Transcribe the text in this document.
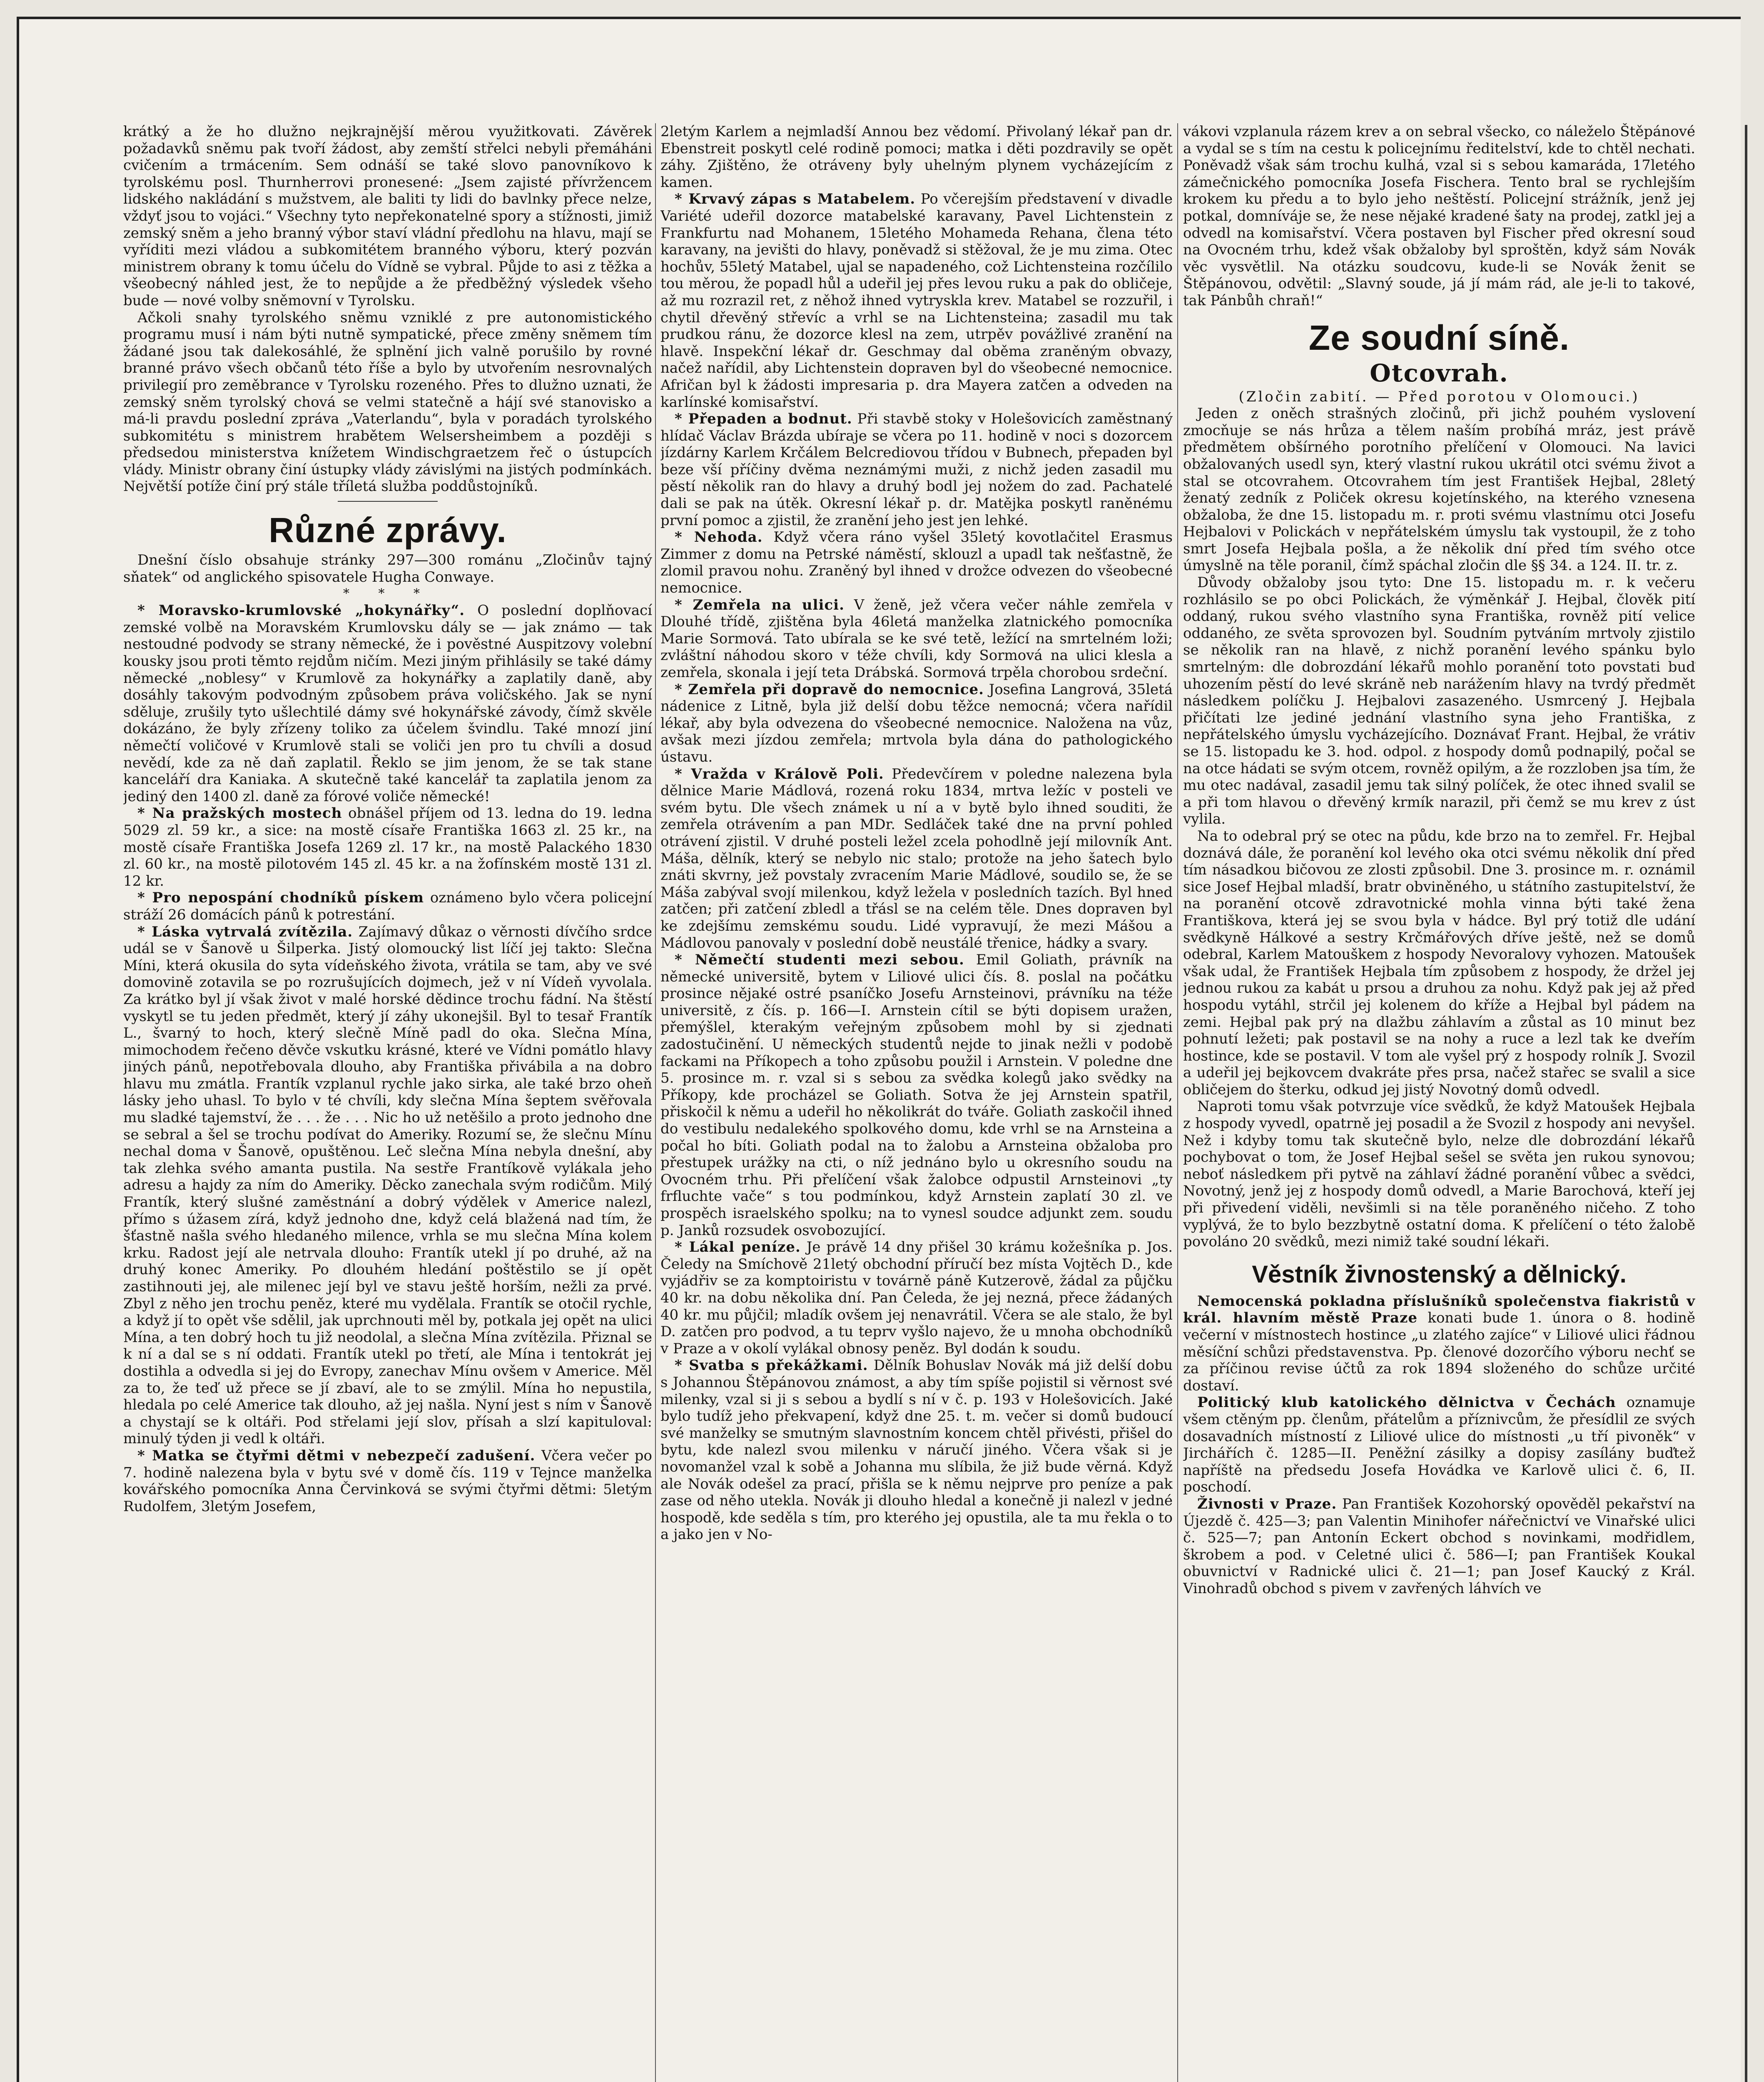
krátký a že ho dlužno nejkrajnější měrou využitkovati. Závěrek požadavků sněmu pak tvoří žádost, aby zemští střelci nebyli přemáháni cvičením a trmácením. Sem odnáší se také slovo panovníkovo k tyrolskému posl. Thurnherrovi pronesené: „Jsem zajisté přívržencem lidského nakládání s mužstvem, ale baliti ty lidi do bavlnky přece nelze, vždyť jsou to vojáci.“ Všechny tyto nepřekonatelné spory a stížnosti, jimiž zemský sněm a jeho branný výbor staví vládní předlohu na hlavu, mají se vyříditi mezi vládou a subkomitétem branného výboru, který pozván ministrem obrany k tomu účelu do Vídně se vybral. Půjde to asi z těžka a všeobecný náhled jest, že to nepůjde a že předběžný výsledek všeho bude — nové volby sněmovní v Tyrolsku.

Ačkoli snahy tyrolského sněmu vzniklé z pre autonomistického programu musí i nám býti nutně sympatické, přece změny sněmem tím žádané jsou tak dalekosáhlé, že splnění jich valně porušilo by rovné branné právo všech občanů této říše a bylo by utvořením nesrovnalých privilegií pro zeměbrance v Tyrolsku rozeného. Přes to dlužno uznati, že zemský sněm tyrolský chová se velmi statečně a hájí své stanovisko a má-li pravdu poslední zpráva „Vaterlandu“, byla v poradách tyrolského subkomitétu s ministrem hrabětem Welsersheimbem a později s předsedou ministerstva knížetem Windischgraetzem řeč o ústupcích vlády. Ministr obrany činí ústupky vlády závislými na jistých podmínkách. Největší potíže činí prý stále tříletá služba poddůstojníků.

Různé zprávy.

Dnešní číslo obsahuje stránky 297—300 románu „Zločinův tajný sňatek“ od anglického spisovatele Hugha Conwaye.

* * *

* Moravsko-krumlovské „hokynářky“. O poslední doplňovací zemské volbě na Moravském Krumlovsku dály se — jak známo — tak nestoudné podvody se strany německé, že i pověstné Auspitzovy volební kousky jsou proti těmto rejdům ničím. Mezi jiným přihlásily se také dámy německé „noblesy“ v Krumlově za hokynářky a zaplatily daně, aby dosáhly takovým podvodným způsobem práva voličského. Jak se nyní sděluje, zrušily tyto ušlechtilé dámy své hokynářské závody, čímž skvěle dokázáno, že byly zřízeny toliko za účelem švindlu. Také mnozí jiní němečtí voličové v Krumlově stali se voliči jen pro tu chvíli a dosud nevědí, kde za ně daň zaplatil. Řeklo se jim jenom, že se tak stane kanceláří dra Kaniaka. A skutečně také kancelář ta zaplatila jenom za jediný den 1400 zl. daně za fórové voliče německé!

* Na pražských mostech obnášel příjem od 13. ledna do 19. ledna 5029 zl. 59 kr., a sice: na mostě císaře Františka 1663 zl. 25 kr., na mostě císaře Františka Josefa 1269 zl. 17 kr., na mostě Palackého 1830 zl. 60 kr., na mostě pilotovém 145 zl. 45 kr. a na žofínském mostě 131 zl. 12 kr.

* Pro nepospání chodníků pískem oznámeno bylo včera policejní stráží 26 domácích pánů k potrestání.

* Láska vytrvalá zvítězila. Zajímavý důkaz o věrnosti dívčího srdce udál se v Šanově u Šilperka. Jistý olomoucký list líčí jej takto: Slečna Míni, která okusila do syta vídeňského života, vrátila se tam, aby ve své domovině zotavila se po rozrušujících dojmech, jež v ní Vídeň vyvolala. Za krátko byl jí však život v malé horské dědince trochu fádní. Na štěstí vyskytl se tu jeden předmět, který jí záhy ukonejšil. Byl to tesař Frantík L., švarný to hoch, který slečně Míně padl do oka. Slečna Mína, mimochodem řečeno děvče vskutku krásné, které ve Vídni pomátlo hlavy jiných pánů, nepotřebovala dlouho, aby Františka přivábila a na dobro hlavu mu zmátla. Frantík vzplanul rychle jako sirka, ale také brzo oheň lásky jeho uhasl. To bylo v té chvíli, kdy slečna Mína šeptem svěřovala mu sladké tajemství, že . . . že . . . Nic ho už netěšilo a proto jednoho dne se sebral a šel se trochu podívat do Ameriky. Rozumí se, že slečnu Mínu nechal doma v Šanově, opuštěnou. Leč slečna Mína nebyla dnešní, aby tak zlehka svého amanta pustila. Na sestře Frantíkově vylákala jeho adresu a hajdy za ním do Ameriky. Děcko zanechala svým rodičům. Milý Frantík, který slušné zaměstnání a dobrý výdělek v Americe nalezl, přímo s úžasem zírá, když jednoho dne, když celá blažená nad tím, že šťastně našla svého hledaného milence, vrhla se mu slečna Mína kolem krku. Radost její ale netrvala dlouho: Frantík utekl jí po druhé, až na druhý konec Ameriky. Po dlouhém hledání poštěstilo se jí opět zastihnouti jej, ale milenec její byl ve stavu ještě horším, nežli za prvé. Zbyl z něho jen trochu peněz, které mu vydělala. Frantík se otočil rychle, a když jí to opět vše sdělil, jak uprchnouti měl by, potkala jej opět na ulici Mína, a ten dobrý hoch tu již neodolal, a slečna Mína zvítězila. Přiznal se k ní a dal se s ní oddati. Frantík utekl po třetí, ale Mína i tentokrát jej dostihla a odvedla si jej do Evropy, zanechav Mínu ovšem v Americe. Měl za to, že teď už přece se jí zbaví, ale to se zmýlil. Mína ho nepustila, hledala po celé Americe tak dlouho, až jej našla. Nyní jest s ním v Šanově a chystají se k oltáři. Pod střelami její slov, přísah a slzí kapituloval: minulý týden ji vedl k oltáři.

* Matka se čtyřmi dětmi v nebezpečí zadušení. Včera večer po 7. hodině nalezena byla v bytu své v domě čís. 119 v Tejnce manželka kovářského pomocníka Anna Červinková se svými čtyřmi dětmi: 5letým Rudolfem, 3letým Josefem,

2letým Karlem a nejmladší Annou bez vědomí. Přivolaný lékař pan dr. Ebenstreit poskytl celé rodině pomoci; matka i děti pozdravily se opět záhy. Zjištěno, že otráveny byly uhelným plynem vycházejícím z kamen.

* Krvavý zápas s Matabelem. Po včerejším představení v divadle Variété udeřil dozorce matabelské karavany, Pavel Lichtenstein z Frankfurtu nad Mohanem, 15letého Mohameda Rehana, člena této karavany, na jevišti do hlavy, poněvadž si stěžoval, že je mu zima. Otec hochův, 55letý Matabel, ujal se napadeného, což Lichtensteina rozčílilo tou měrou, že popadl hůl a udeřil jej přes levou ruku a pak do obličeje, až mu rozrazil ret, z něhož ihned vytryskla krev. Matabel se rozzuřil, i chytil dřevěný střevíc a vrhl se na Lichtensteina; zasadil mu tak prudkou ránu, že dozorce klesl na zem, utrpěv povážlivé zranění na hlavě. Inspekční lékař dr. Geschmay dal oběma zraněným obvazy, načež nařídil, aby Lichtenstein dopraven byl do všeobecné nemocnice. Afričan byl k žádosti impresaria p. dra Mayera zatčen a odveden na karlínské komisařství.

* Přepaden a bodnut. Při stavbě stoky v Holešovicích zaměstnaný hlídač Václav Brázda ubíraje se včera po 11. hodině v noci s dozorcem jízdárny Karlem Krčálem Belcrediovou třídou v Bubnech, přepaden byl beze vší příčiny dvěma neznámými muži, z nichž jeden zasadil mu pěstí několik ran do hlavy a druhý bodl jej nožem do zad. Pachatelé dali se pak na útěk. Okresní lékař p. dr. Matějka poskytl raněnému první pomoc a zjistil, že zranění jeho jest jen lehké.

* Nehoda. Když včera ráno vyšel 35letý kovotlačitel Erasmus Zimmer z domu na Petrské náměstí, sklouzl a upadl tak nešťastně, že zlomil pravou nohu. Zraněný byl ihned v drožce odvezen do všeobecné nemocnice.

* Zemřela na ulici. V ženě, jež včera večer náhle zemřela v Dlouhé třídě, zjištěna byla 46letá manželka zlatnického pomocníka Marie Sormová. Tato ubírala se ke své tetě, ležící na smrtelném loži; zvláštní náhodou skoro v téže chvíli, kdy Sormová na ulici klesla a zemřela, skonala i její teta Drábská. Sormová trpěla chorobou srdeční.

* Zemřela při dopravě do nemocnice. Josefina Langrová, 35letá nádenice z Litně, byla již delší dobu těžce nemocná; včera nařídil lékař, aby byla odvezena do všeobecné nemocnice. Naložena na vůz, avšak mezi jízdou zemřela; mrtvola byla dána do pathologického ústavu.

* Vražda v Králově Poli. Předevčírem v poledne nalezena byla dělnice Marie Mádlová, rozená roku 1834, mrtva ležíc v posteli ve svém bytu. Dle všech známek u ní a v bytě bylo ihned souditi, že zemřela otrávením a pan MDr. Sedláček také dne na první pohled otrávení zjistil. V druhé posteli ležel zcela pohodlně její milovník Ant. Máša, dělník, který se nebylo nic stalo; protože na jeho šatech bylo znáti skvrny, jež povstaly zvracením Marie Mádlové, soudilo se, že se Máša zabýval svojí milenkou, když ležela v posledních tazích. Byl hned zatčen; při zatčení zbledl a třásl se na celém těle. Dnes dopraven byl ke zdejšímu zemskému soudu. Lidé vypravují, že mezi Mášou a Mádlovou panovaly v poslední době neustálé třenice, hádky a svary.

* Němečtí studenti mezi sebou. Emil Goliath, právník na německé universitě, bytem v Liliové ulici čís. 8. poslal na počátku prosince nějaké ostré psaníčko Josefu Arnsteinovi, právníku na téže universitě, z čís. p. 166—I. Arnstein cítil se býti dopisem uražen, přemýšlel, kterakým veřejným způsobem mohl by si zjednati zadostučinění. U německých studentů nejde to jinak nežli v podobě fackami na Příkopech a toho způsobu použil i Arnstein. V poledne dne 5. prosince m. r. vzal si s sebou za svědka kolegů jako svědky na Příkopy, kde procházel se Goliath. Sotva že jej Arnstein spatřil, přiskočil k němu a udeřil ho několikrát do tváře. Goliath zaskočil ihned do vestibulu nedalekého spolkového domu, kde vrhl se na Arnsteina a počal ho bíti. Goliath podal na to žalobu a Arnsteina obžaloba pro přestupek urážky na cti, o níž jednáno bylo u okresního soudu na Ovocném trhu. Při přelíčení však žalobce odpustil Arnsteinovi „ty frfluchte vače“ s tou podmínkou, když Arnstein zaplatí 30 zl. ve prospěch israelského spolku; na to vynesl soudce adjunkt zem. soudu p. Janků rozsudek osvobozující.

* Lákal peníze. Je právě 14 dny přišel 30 krámu kožešníka p. Jos. Čeledy na Smíchově 21letý obchodní příručí bez místa Vojtěch D., kde vyjádřiv se za komptoiristu v továrně páně Kutzerově, žádal za půjčku 40 kr. na dobu několika dní. Pan Čeleda, že jej nezná, přece žádaných 40 kr. mu půjčil; mladík ovšem jej nenavrátil. Včera se ale stalo, že byl D. zatčen pro podvod, a tu teprv vyšlo najevo, že u mnoha obchodníků v Praze a v okolí vylákal obnosy peněz. Byl dodán k soudu.

* Svatba s překážkami. Dělník Bohuslav Novák má již delší dobu s Johannou Štěpánovou známost, a aby tím spíše pojistil si věrnost své milenky, vzal si ji s sebou a bydlí s ní v č. p. 193 v Holešovicích. Jaké bylo tudíž jeho překvapení, když dne 25. t. m. večer si domů budoucí své manželky se smutným slavnostním koncem chtěl přivésti, přišel do bytu, kde nalezl svou milenku v náručí jiného. Včera však si je novomanžel vzal k sobě a Johanna mu slíbila, že již bude věrná. Když ale Novák odešel za prací, přišla se k němu nejprve pro peníze a pak zase od něho utekla. Novák ji dlouho hledal a konečně ji nalezl v jedné hospodě, kde seděla s tím, pro kterého jej opustila, ale ta mu řekla o to a jako jen v No-

vákovi vzplanula rázem krev a on sebral všecko, co náleželo Štěpánové a vydal se s tím na cestu k policejnímu ředitelství, kde to chtěl nechati. Poněvadž však sám trochu kulhá, vzal si s sebou kamaráda, 17letého zámečnického pomocníka Josefa Fischera. Tento bral se rychlejším krokem ku předu a to bylo jeho neštěstí. Policejní strážník, jenž jej potkal, domníváje se, že nese nějaké kradené šaty na prodej, zatkl jej a odvedl na komisařství. Včera postaven byl Fischer před okresní soud na Ovocném trhu, kdež však obžaloby byl sproštěn, když sám Novák věc vysvětlil. Na otázku soudcovu, kude-li se Novák ženit se Štěpánovou, odvětil: „Slavný soude, já jí mám rád, ale je-li to takové, tak Pánbůh chraň!“

Ze soudní síně.
Otcovrah.

(Zločin zabití. — Před porotou v Olomouci.)

Jeden z oněch strašných zločinů, při jichž pouhém vyslovení zmocňuje se nás hrůza a tělem naším probíhá mráz, jest právě předmětem obšírného porotního přelíčení v Olomouci. Na lavici obžalovaných usedl syn, který vlastní rukou ukrátil otci svému život a stal se otcovrahem. Otcovrahem tím jest František Hejbal, 28letý ženatý zedník z Poliček okresu kojetínského, na kterého vznesena obžaloba, že dne 15. listopadu m. r. proti svému vlastnímu otci Josefu Hejbalovi v Polickách v nepřátelském úmyslu tak vystoupil, že z toho smrt Josefa Hejbala pošla, a že několik dní před tím svého otce úmyslně na těle poranil, čímž spáchal zločin dle §§ 34. a 124. II. tr. z.

Důvody obžaloby jsou tyto: Dne 15. listopadu m. r. k večeru rozhlásilo se po obci Polickách, že výměnkář J. Hejbal, člověk pití oddaný, rukou svého vlastního syna Františka, rovněž pití velice oddaného, ze světa sprovozen byl. Soudním pytváním mrtvoly zjistilo se několik ran na hlavě, z nichž poranění levého spánku bylo smrtelným: dle dobrozdání lékařů mohlo poranění toto povstati buď uhozením pěstí do levé skráně neb narážením hlavy na tvrdý předmět následkem políčku J. Hejbalovi zasazeného. Usmrcený J. Hejbala přičítati lze jediné jednání vlastního syna jeho Františka, z nepřátelského úmyslu vycházejícího. Doznávať Frant. Hejbal, že vrátiv se 15. listopadu ke 3. hod. odpol. z hospody domů podnapilý, počal se na otce hádati se svým otcem, rovněž opilým, a že rozzloben jsa tím, že mu otec nadával, zasadil jemu tak silný políček, že otec ihned svalil se a při tom hlavou o dřevěný krmík narazil, při čemž se mu krev z úst vylila.

Na to odebral prý se otec na půdu, kde brzo na to zemřel. Fr. Hejbal doznává dále, že poranění kol levého oka otci svému několik dní před tím násadkou bičovou ze zlosti způsobil. Dne 3. prosince m. r. oznámil sice Josef Hejbal mladší, bratr obviněného, u státního zastupitelství, že na poranění otcově zdravotnické mohla vinna býti také žena Františkova, která jej se svou byla v hádce. Byl prý totiž dle udání svědkyně Hálkové a sestry Krčmářových dříve ještě, než se domů odebral, Karlem Matouškem z hospody Nevoralovy vyhozen. Matoušek však udal, že František Hejbala tím způsobem z hospody, že držel jej jednou rukou za kabát u prsou a druhou za nohu. Když pak jej až před hospodu vytáhl, strčil jej kolenem do kříže a Hejbal byl pádem na zemi. Hejbal pak prý na dlažbu záhlavím a zůstal as 10 minut bez pohnutí ležeti; pak postavil se na nohy a ruce a lezl tak ke dveřím hostince, kde se postavil. V tom ale vyšel prý z hospody rolník J. Svozil a udeřil jej bejkovcem dvakráte přes prsa, načež stařec se svalil a sice obličejem do šterku, odkud jej jistý Novotný domů odvedl.

Naproti tomu však potvrzuje více svědků, že když Matoušek Hejbala z hospody vyvedl, opatrně jej posadil a že Svozil z hospody ani nevyšel. Než i kdyby tomu tak skutečně bylo, nelze dle dobrozdání lékařů pochybovat o tom, že Josef Hejbal sešel se světa jen rukou synovou; neboť následkem při pytvě na záhlaví žádné poranění vůbec a svědci, Novotný, jenž jej z hospody domů odvedl, a Marie Barochová, kteří jej při přivedení viděli, nevšimli si na těle poraněného ničeho. Z toho vyplývá, že to bylo bezzbytně ostatní doma. K přelíčení o této žalobě povoláno 20 svědků, mezi nimiž také soudní lékaři.

Věstník živnostenský a dělnický.

Nemocenská pokladna příslušníků společenstva fiakristů v král. hlavním městě Praze konati bude 1. února o 8. hodině večerní v místnostech hostince „u zlatého zajíce“ v Liliové ulici řádnou měsíční schůzi představenstva. Pp. členové dozorčího výboru nechť se za příčinou revise účtů za rok 1894 složeného do schůze určité dostaví.

Politický klub katolického dělnictva v Čechách oznamuje všem ctěným pp. členům, přátelům a příznivcům, že přesídlil ze svých dosavadních místností z Liliové ulice do místnosti „u tří pivoněk“ v Jirchářích č. 1285—II. Peněžní zásilky a dopisy zasílány buďtež napříště na předsedu Josefa Hovádka ve Karlově ulici č. 6, II. poschodí.

Živnosti v Praze. Pan František Kozohorský opověděl pekařství na Újezdě č. 425—3; pan Valentin Minihofer nářečnictví ve Vinařské ulici č. 525—7; pan Antonín Eckert obchod s novinkami, modřidlem, škrobem a pod. v Celetné ulici č. 586—I; pan František Koukal obuvnictví v Radnické ulici č. 21—1; pan Josef Kaucký z Král. Vinohradů obchod s pivem v zavřených láhvích ve
